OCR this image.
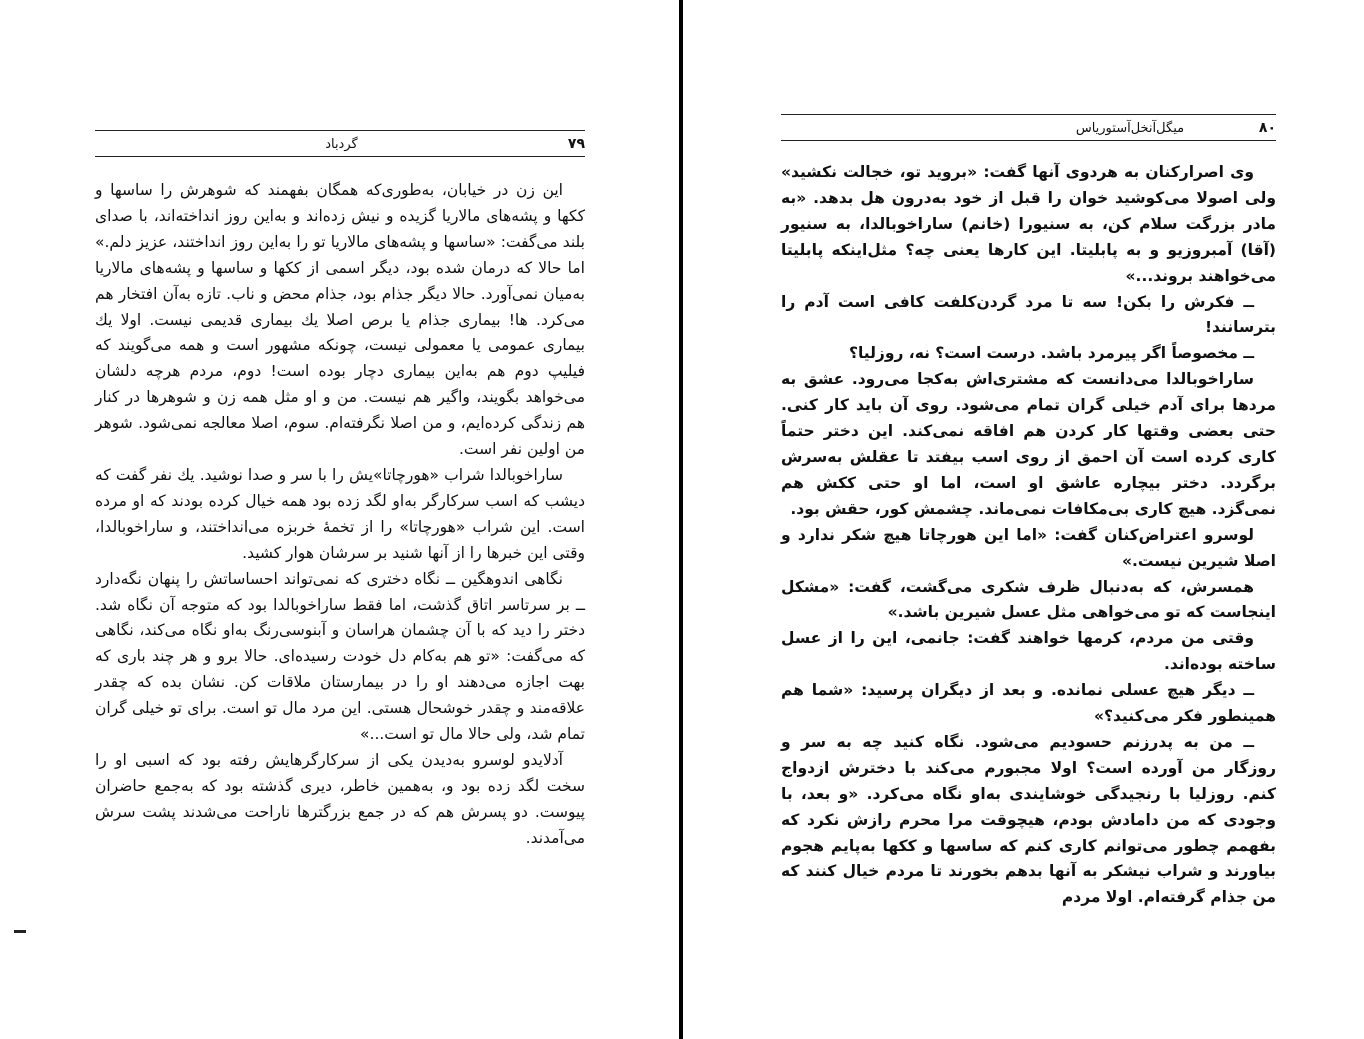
۷۹
گردباد

این زن در خیابان، به‌طوری‌که همگان بفهمند که شوهرش را ساسها و ککها و پشه‌های مالاریا گزیده و نیش زده‌اند و به‌این روز انداخته‌اند، با صدای بلند می‌گفت: «ساسها و پشه‌های مالاریا تو را به‌این روز انداختند، عزیز دلم.» اما حالا که درمان شده بود، دیگر اسمی از ککها و ساسها و پشه‌های مالاریا به‌میان نمی‌آورد. حالا دیگر جذام بود، جذام محض و ناب. تازه به‌آن افتخار هم می‌کرد. ها! بیماری جذام یا برص اصلا یك بیماری قدیمی نیست. اولا یك بیماری عمومی یا معمولی نیست، چونکه مشهور است و همه می‌گویند که فیلیپ دوم هم به‌این بیماری دچار بوده است! دوم، مردم هرچه دلشان می‌خواهد بگویند، واگیر هم نیست. من و او مثل همه زن و شوهرها در کنار هم زندگی کرده‌ایم، و من اصلا نگرفته‌ام. سوم، اصلا معالجه نمی‌شود. شوهر من اولین نفر است.

ساراخوبالدا شراب «هورچاتا»یش را با سر و صدا نوشید. یك نفر گفت که دیشب که اسب سرکارگر به‌او لگد زده بود همه خیال کرده بودند که او مرده است. این شراب «هورچاتا» را از تخمهٔ خربزه می‌انداختند، و ساراخوبالدا، وقتی این خبرها را از آنها شنید بر سرشان هوار کشید.

نگاهی اندوهگین ــ نگاه دختری که نمی‌تواند احساساتش را پنهان نگه‌دارد ــ بر سرتاسر اتاق گذشت، اما فقط ساراخوبالدا بود که متوجه آن نگاه شد. دختر را دید که با آن چشمان هراسان و آبنوسی‌رنگ به‌او نگاه می‌کند، نگاهی که می‌گفت: «تو هم به‌کام دل خودت رسیده‌ای. حالا برو و هر چند باری که بهت اجازه می‌دهند او را در بیمارستان ملاقات کن. نشان بده که چقدر علاقه‌مند و چقدر خوشحال هستی. این مرد مال تو است. برای تو خیلی گران تمام شد، ولی حالا مال تو است...»

آدلایدو لوسرو به‌دیدن یکی از سرکارگرهایش رفته بود که اسبی او را سخت لگد زده بود و، به‌همین خاطر، دیری گذشته بود که به‌جمع حاضران پیوست. دو پسرش هم که در جمع بزرگترها ناراحت می‌شدند پشت سرش می‌آمدند.

۸۰
میگل‌آنخل‌آستوریاس

وی اصرارکنان به هردوی آنها گفت: «بروید تو، خجالت نکشید» ولی اصولا می‌کوشید خوان را قبل از خود به‌درون هل بدهد. «به مادر بزرگت سلام کن، به سنیورا (خانم) ساراخوبالدا، به سنیور (آقا) آمبروزیو و به پابلیتا. این کارها یعنی چه؟ مثل‌اینکه پابلیتا می‌خواهند بروند...»

ــ فکرش را بکن! سه تا مرد گردن‌کلفت کافی است آدم را بترسانند!

ــ مخصوصاً اگر پیرمرد باشد. درست است؟ نه، روزلیا؟

ساراخوبالدا می‌دانست که مشتری‌اش به‌کجا می‌رود. عشق به مردها برای آدم خیلی گران تمام می‌شود. روی آن باید کار کنی. حتی بعضی وقتها کار کردن هم افاقه نمی‌کند. این دختر حتماً کاری کرده است آن احمق از روی اسب بیفتد تا عقلش به‌سرش برگردد. دختر بیچاره عاشق او است، اما او حتی ککش هم نمی‌گزد. هیچ کاری بی‌مکافات نمی‌ماند. چشمش کور، حقش بود.

لوسرو اعتراض‌کنان گفت: «اما این هورچاتا هیچ شکر ندارد و اصلا شیرین نیست.»

همسرش، که به‌دنبال ظرف شکری می‌گشت، گفت: «مشکل اینجاست که تو می‌خواهی مثل عسل شیرین باشد.»

وقتی من مردم، کرمها خواهند گفت: جانمی، این را از عسل ساخته بوده‌اند.

ــ دیگر هیچ عسلی نمانده. و بعد از دیگران پرسید: «شما هم همینطور فکر می‌کنید؟»

ــ من به پدرزنم حسودیم می‌شود. نگاه کنید چه به سر و روزگار من آورده است؟ اولا مجبورم می‌کند با دخترش ازدواج کنم. روزلیا با رنجیدگی خوشایندی به‌او نگاه می‌کرد. «و بعد، با وجودی که من دامادش بودم، هیچوقت مرا محرم رازش نکرد که بفهمم چطور می‌توانم کاری کنم که ساسها و ککها به‌پایم هجوم بیاورند و شراب نیشکر به آنها بدهم بخورند تا مردم خیال کنند که من جذام گرفته‌ام. اولا مردم
